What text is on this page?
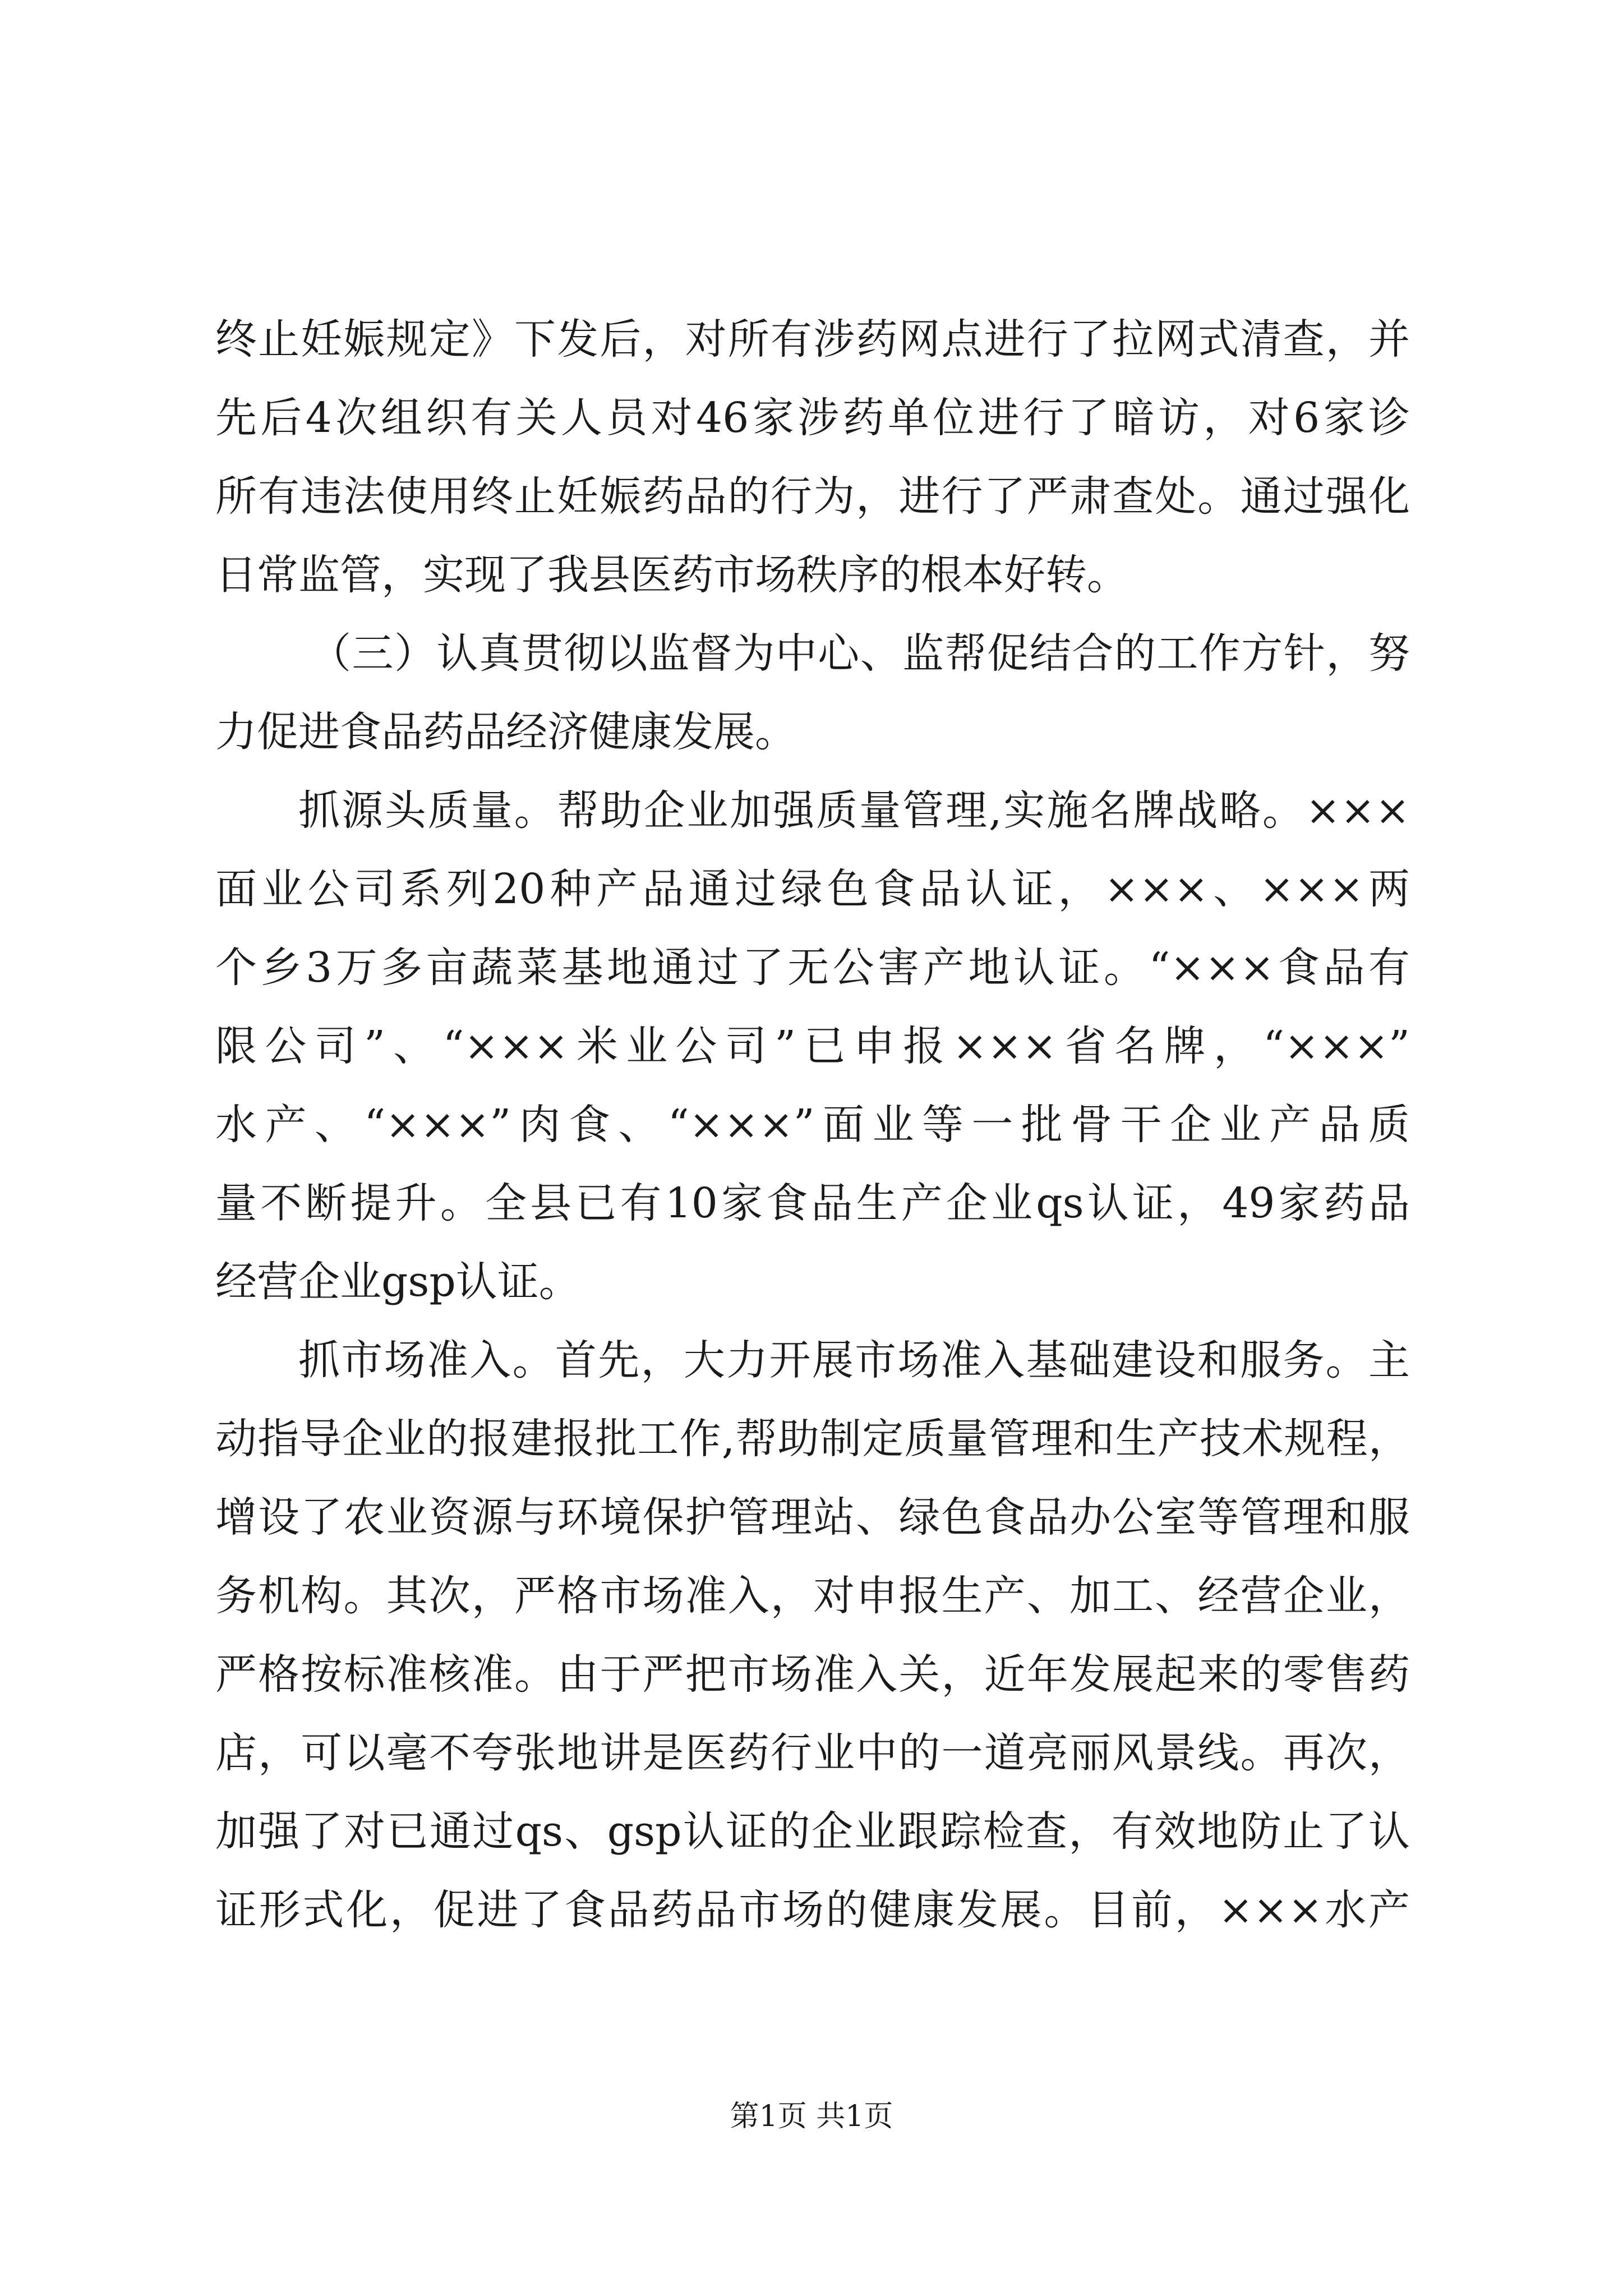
终止妊娠规定》下发后，对所有涉药网点进行了拉网式清查，并
先后4次组织有关人员对46家涉药单位进行了暗访，对6家诊
所有违法使用终止妊娠药品的行为，进行了严肃查处。通过强化
日常监管，实现了我县医药市场秩序的根本好转。
（三）认真贯彻以监督为中心、监帮促结合的工作方针，努
力促进食品药品经济健康发展。
抓源头质量。帮助企业加强质量管理,实施名牌战略。×××
面业公司系列20种产品通过绿色食品认证，×××、×××两
个乡3万多亩蔬菜基地通过了无公害产地认证。“×××食品有
限公司”、“×××米业公司”已申报×××省名牌，“×××”
水产、“×××”肉食、“×××”面业等一批骨干企业产品质
量不断提升。全县已有10家食品生产企业qs认证，49家药品
经营企业gsp认证。
抓市场准入。首先，大力开展市场准入基础建设和服务。主
动指导企业的报建报批工作,帮助制定质量管理和生产技术规程，
增设了农业资源与环境保护管理站、绿色食品办公室等管理和服
务机构。其次，严格市场准入，对申报生产、加工、经营企业，
严格按标准核准。由于严把市场准入关，近年发展起来的零售药
店，可以毫不夸张地讲是医药行业中的一道亮丽风景线。再次，
加强了对已通过qs、gsp认证的企业跟踪检查，有效地防止了认
证形式化，促进了食品药品市场的健康发展。目前，×××水产
第1页 共1页
